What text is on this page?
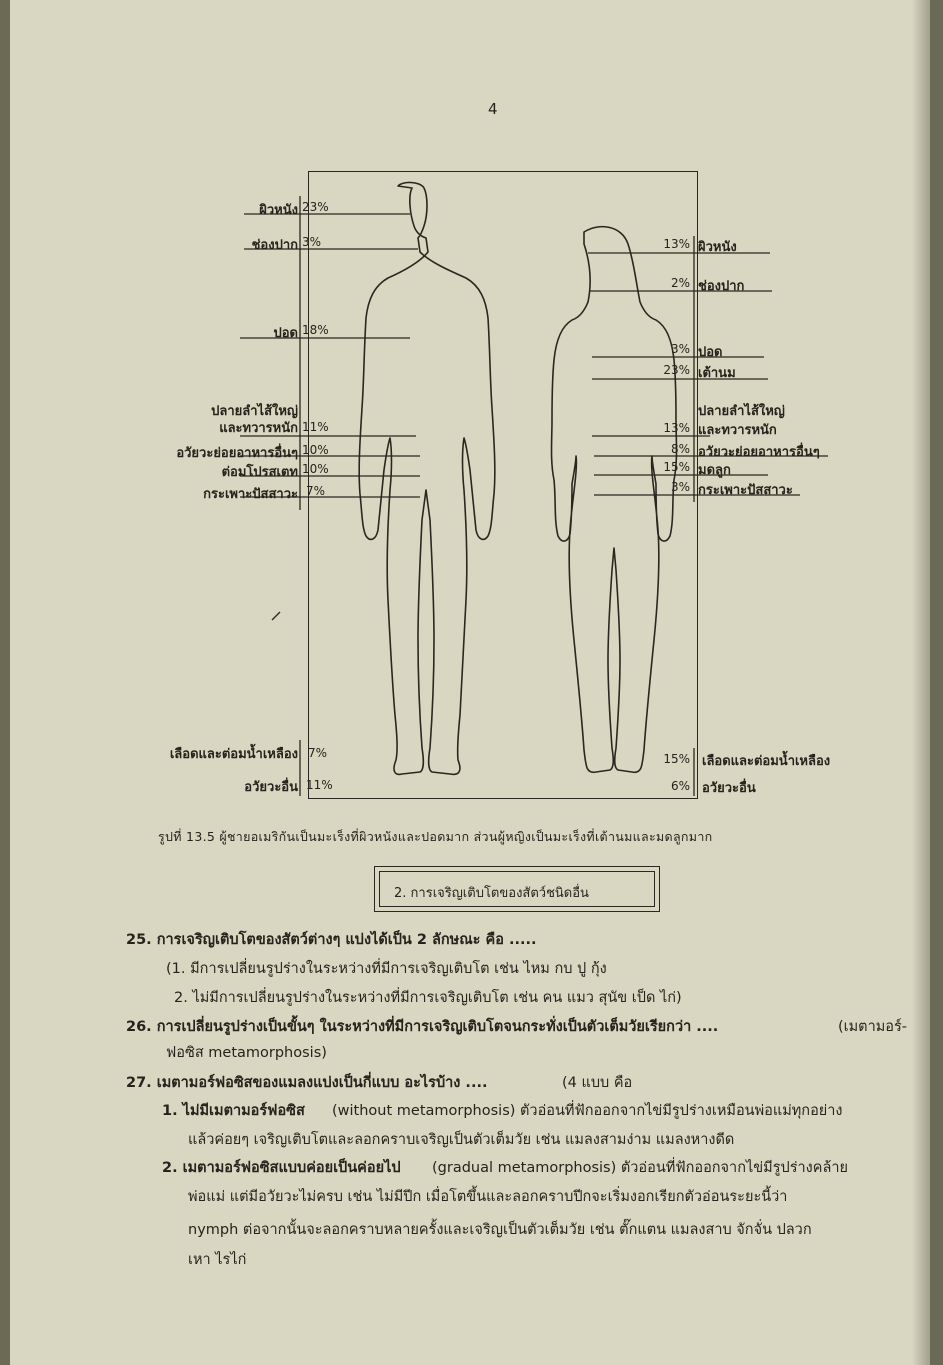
4
ผิวหนัง 23%
ช่องปาก 3%
ปอด 18%
ปลายลำไส้ใหญ่
และทวารหนัก 11%
อวัยวะย่อยอาหารอื่นๆ 10%
ต่อมโปรสเตท 10%
กระเพาะปัสสาวะ 7%
เลือดและต่อมน้ำเหลือง 7%
อวัยวะอื่น 11%
13% ผิวหนัง
2% ช่องปาก
3% ปอด
23% เต้านม
ปลายลำไส้ใหญ่
13% และทวารหนัก
8% อวัยวะย่อยอาหารอื่นๆ
15% มดลูก
3% กระเพาะปัสสาวะ
15% เลือดและต่อมน้ำเหลือง
6% อวัยวะอื่น
รูปที่ 13.5 ผู้ชายอเมริกันเป็นมะเร็งที่ผิวหนังและปอดมาก ส่วนผู้หญิงเป็นมะเร็งที่เต้านมและมดลูกมาก
2. การเจริญเติบโตของสัตว์ชนิดอื่น
25. การเจริญเติบโตของสัตว์ต่างๆ แบ่งได้เป็น 2 ลักษณะ คือ .....
(1. มีการเปลี่ยนรูปร่างในระหว่างที่มีการเจริญเติบโต เช่น ไหม กบ ปู กุ้ง
2. ไม่มีการเปลี่ยนรูปร่างในระหว่างที่มีการเจริญเติบโต เช่น คน แมว สุนัข เป็ด ไก่)
26. การเปลี่ยนรูปร่างเป็นขั้นๆ ในระหว่างที่มีการเจริญเติบโตจนกระทั่งเป็นตัวเต็มวัยเรียกว่า ....	(เมตามอร์-
ฟอซิส metamorphosis)
27. เมตามอร์ฟอซิสของแมลงแบ่งเป็นกี่แบบ อะไรบ้าง ....	(4 แบบ คือ
1. ไม่มีเมตามอร์ฟอซิส (without metamorphosis) ตัวอ่อนที่ฟักออกจากไข่มีรูปร่างเหมือนพ่อแม่ทุกอย่าง
แล้วค่อยๆ เจริญเติบโตและลอกคราบเจริญเป็นตัวเต็มวัย เช่น แมลงสามง่าม แมลงหางดีด
2. เมตามอร์ฟอซิสแบบค่อยเป็นค่อยไป (gradual metamorphosis) ตัวอ่อนที่ฟักออกจากไข่มีรูปร่างคล้าย
พ่อแม่ แต่มีอวัยวะไม่ครบ เช่น ไม่มีปีก เมื่อโตขึ้นและลอกคราบปีกจะเริ่มงอกเรียกตัวอ่อนระยะนี้ว่า
nymph ต่อจากนั้นจะลอกคราบหลายครั้งและเจริญเป็นตัวเต็มวัย เช่น ตั๊กแตน แมลงสาบ จักจั่น ปลวก
เหา ไรไก่
